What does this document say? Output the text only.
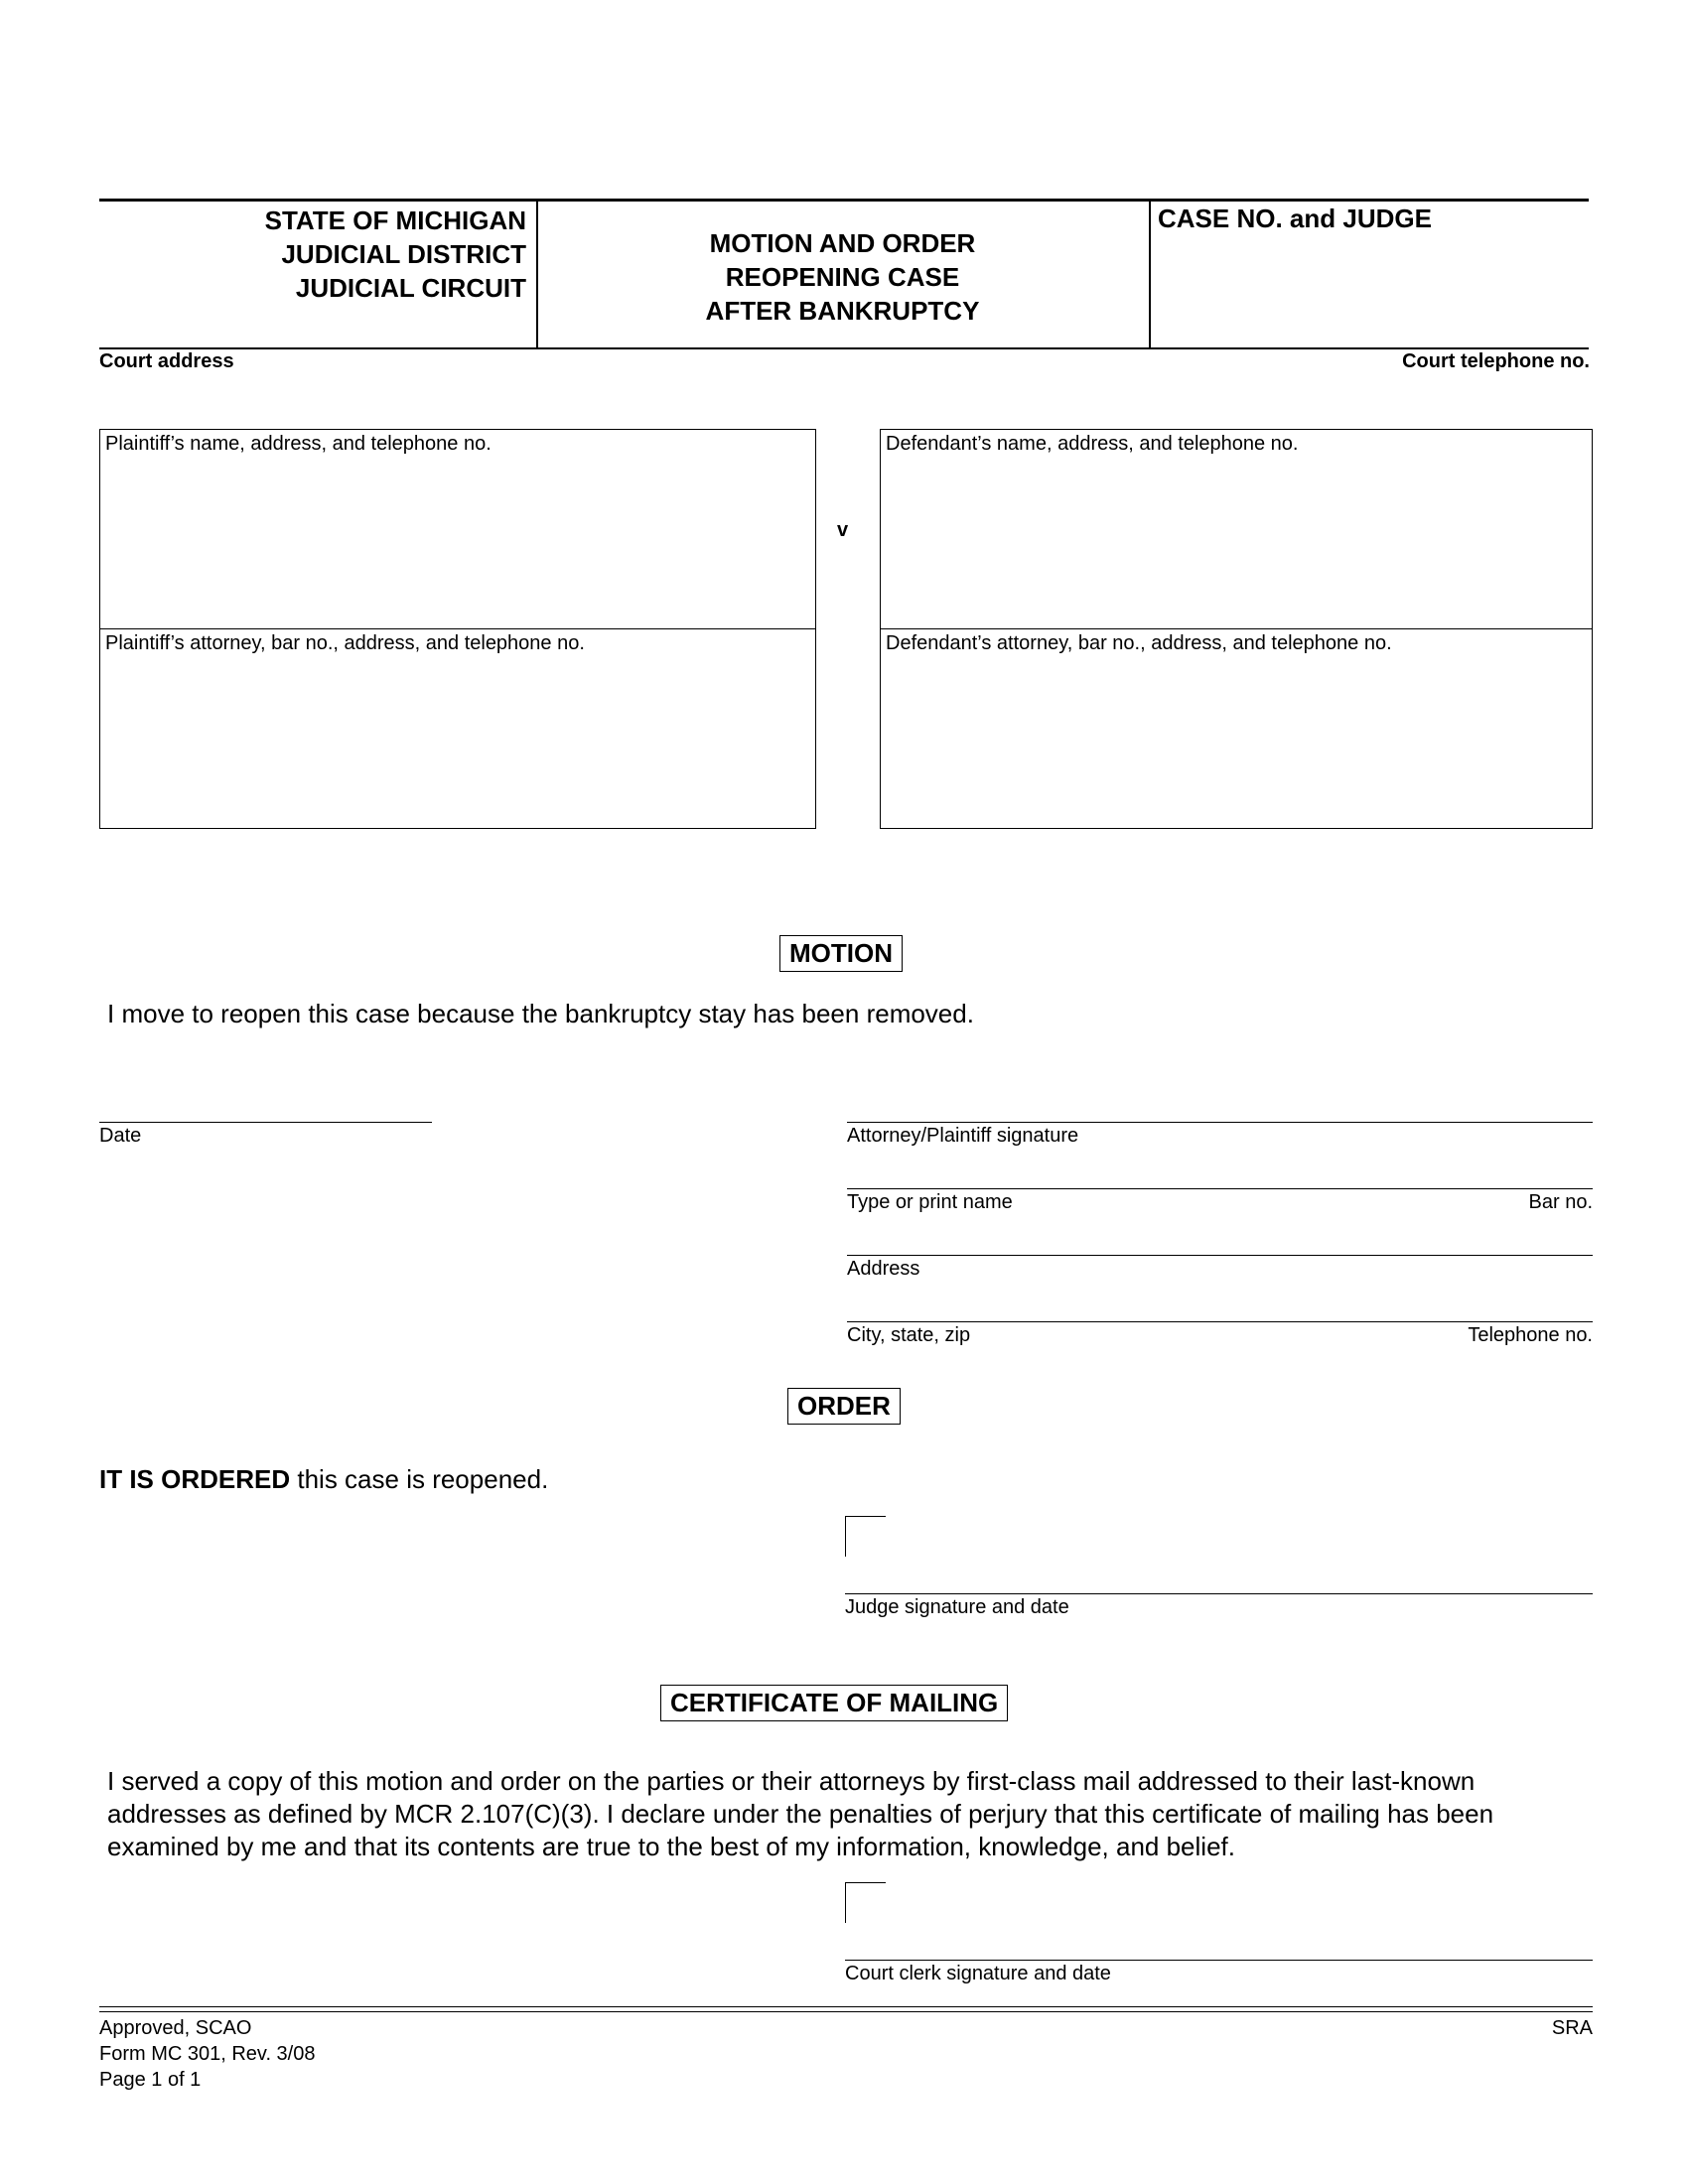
STATE OF MICHIGAN
JUDICIAL DISTRICT
JUDICIAL CIRCUIT
MOTION AND ORDER
REOPENING CASE
AFTER BANKRUPTCY
CASE NO. and JUDGE
Court address	Court telephone no.
Plaintiff’s name, address, and telephone no.
Plaintiff’s attorney, bar no., address, and telephone no.
v
Defendant’s name, address, and telephone no.
Defendant’s attorney, bar no., address, and telephone no.
MOTION
I move to reopen this case because the bankruptcy stay has been removed.
Date	Attorney/Plaintiff signature
Type or print name	Bar no.
Address
City, state, zip	Telephone no.
ORDER
IT IS ORDERED this case is reopened.
Judge signature and date
CERTIFICATE OF MAILING
I served a copy of this motion and order on the parties or their attorneys by first-class mail addressed to their last-known
addresses as defined by MCR 2.107(C)(3). I declare under the penalties of perjury that this certificate of mailing has been
examined by me and that its contents are true to the best of my information, knowledge, and belief.
Court clerk signature and date
Approved, SCAO
Form MC 301, Rev. 3/08
Page 1 of 1
SRA
